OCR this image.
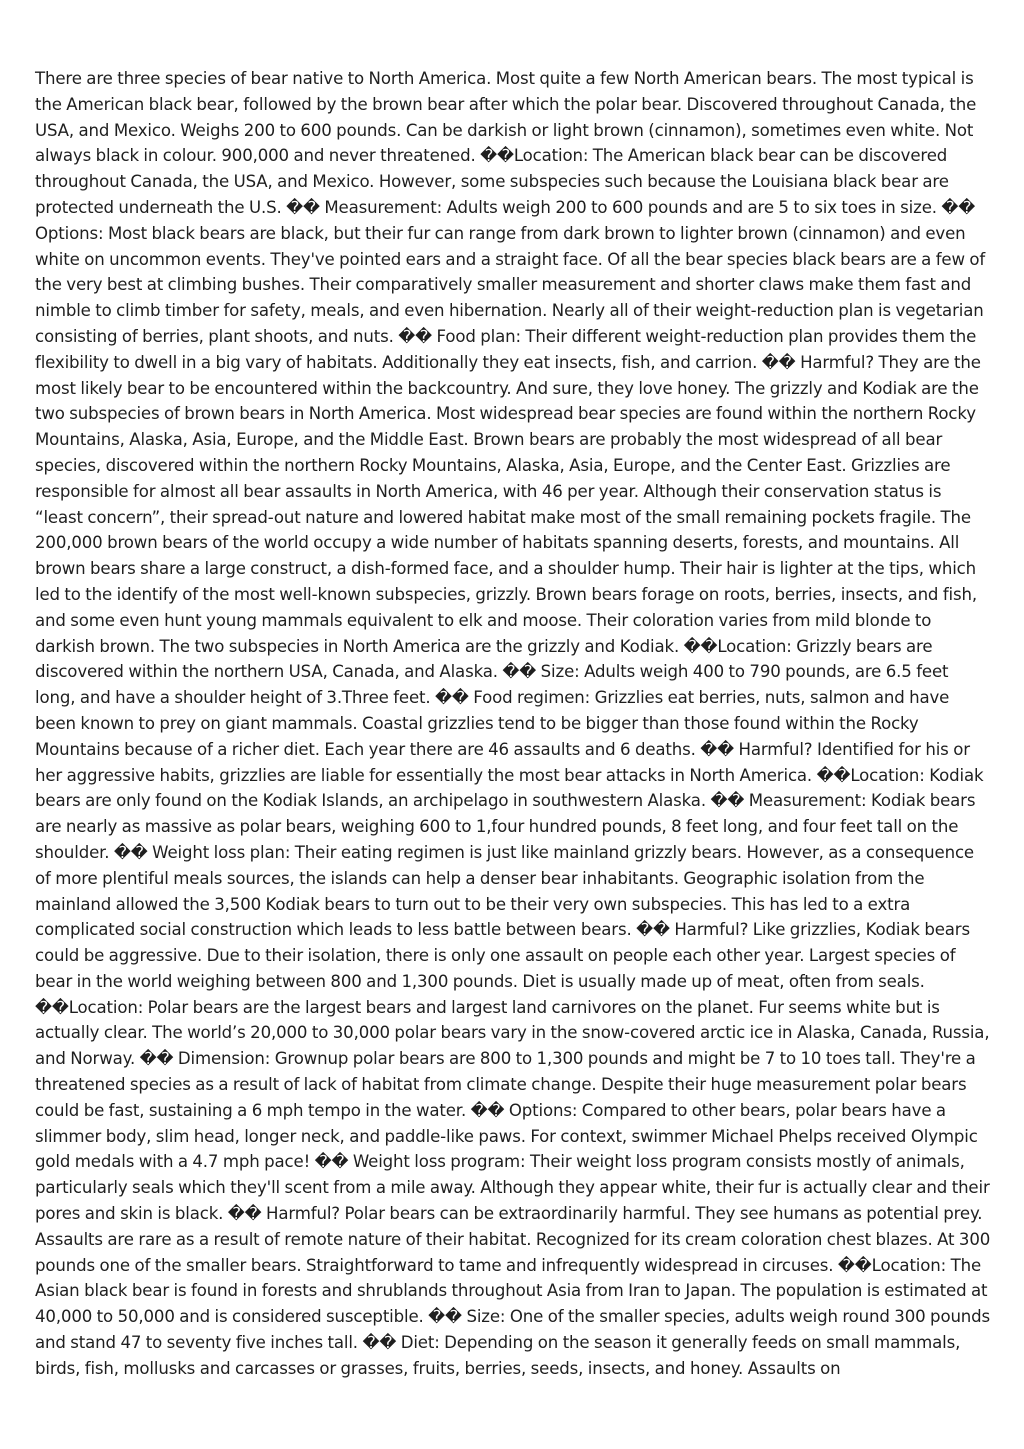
There are three species of bear native to North America. Most quite a few North American bears. The most typical is the American black bear, followed by the brown bear after which the polar bear. Discovered throughout Canada, the USA, and Mexico. Weighs 200 to 600 pounds. Can be darkish or light brown (cinnamon), sometimes even white. Not always black in colour. 900,000 and never threatened. ��Location: The American black bear can be discovered throughout Canada, the USA, and Mexico. However, some subspecies such because the Louisiana black bear are protected underneath the U.S. �� Measurement: Adults weigh 200 to 600 pounds and are 5 to six toes in size. �� Options: Most black bears are black, but their fur can range from dark brown to lighter brown (cinnamon) and even white on uncommon events. They've pointed ears and a straight face. Of all the bear species black bears are a few of the very best at climbing bushes. Their comparatively smaller measurement and shorter claws make them fast and nimble to climb timber for safety, meals, and even hibernation. Nearly all of their weight-reduction plan is vegetarian consisting of berries, plant shoots, and nuts. �� Food plan: Their different weight-reduction plan provides them the flexibility to dwell in a big vary of habitats. Additionally they eat insects, fish, and carrion. �� Harmful? They are the most likely bear to be encountered within the backcountry. And sure, they love honey. The grizzly and Kodiak are the two subspecies of brown bears in North America. Most widespread bear species are found within the northern Rocky Mountains, Alaska, Asia, Europe, and the Middle East. Brown bears are probably the most widespread of all bear species, discovered within the northern Rocky Mountains, Alaska, Asia, Europe, and the Center East. Grizzlies are responsible for almost all bear assaults in North America, with 46 per year. Although their conservation status is “least concern”, their spread-out nature and lowered habitat make most of the small remaining pockets fragile. The 200,000 brown bears of the world occupy a wide number of habitats spanning deserts, forests, and mountains. All brown bears share a large construct, a dish-formed face, and a shoulder hump. Their hair is lighter at the tips, which led to the identify of the most well-known subspecies, grizzly. Brown bears forage on roots, berries, insects, and fish, and some even hunt young mammals equivalent to elk and moose. Their coloration varies from mild blonde to darkish brown. The two subspecies in North America are the grizzly and Kodiak. ��Location: Grizzly bears are discovered within the northern USA, Canada, and Alaska. �� Size: Adults weigh 400 to 790 pounds, are 6.5 feet long, and have a shoulder height of 3.Three feet. �� Food regimen: Grizzlies eat berries, nuts, salmon and have been known to prey on giant mammals. Coastal grizzlies tend to be bigger than those found within the Rocky Mountains because of a richer diet. Each year there are 46 assaults and 6 deaths. �� Harmful? Identified for his or her aggressive habits, grizzlies are liable for essentially the most bear attacks in North America. ��Location: Kodiak bears are only found on the Kodiak Islands, an archipelago in southwestern Alaska. �� Measurement: Kodiak bears are nearly as massive as polar bears, weighing 600 to 1,four hundred pounds, 8 feet long, and four feet tall on the shoulder. �� Weight loss plan: Their eating regimen is just like mainland grizzly bears. However, as a consequence of more plentiful meals sources, the islands can help a denser bear inhabitants. Geographic isolation from the mainland allowed the 3,500 Kodiak bears to turn out to be their very own subspecies. This has led to a extra complicated social construction which leads to less battle between bears. �� Harmful? Like grizzlies, Kodiak bears could be aggressive. Due to their isolation, there is only one assault on people each other year. Largest species of bear in the world weighing between 800 and 1,300 pounds. Diet is usually made up of meat, often from seals. ��Location: Polar bears are the largest bears and largest land carnivores on the planet. Fur seems white but is actually clear. The world’s 20,000 to 30,000 polar bears vary in the snow-covered arctic ice in Alaska, Canada, Russia, and Norway. �� Dimension: Grownup polar bears are 800 to 1,300 pounds and might be 7 to 10 toes tall. They're a threatened species as a result of lack of habitat from climate change. Despite their huge measurement polar bears could be fast, sustaining a 6 mph tempo in the water. �� Options: Compared to other bears, polar bears have a slimmer body, slim head, longer neck, and paddle-like paws. For context, swimmer Michael Phelps received Olympic gold medals with a 4.7 mph pace! �� Weight loss program: Their weight loss program consists mostly of animals, particularly seals which they'll scent from a mile away. Although they appear white, their fur is actually clear and their pores and skin is black. �� Harmful? Polar bears can be extraordinarily harmful. They see humans as potential prey. Assaults are rare as a result of remote nature of their habitat. Recognized for its cream coloration chest blazes. At 300 pounds one of the smaller bears. Straightforward to tame and infrequently widespread in circuses. ��Location: The Asian black bear is found in forests and shrublands throughout Asia from Iran to Japan. The population is estimated at 40,000 to 50,000 and is considered susceptible. �� Size: One of the smaller species, adults weigh round 300 pounds and stand 47 to seventy five inches tall. �� Diet: Depending on the season it generally feeds on small mammals, birds, fish, mollusks and carcasses or grasses, fruits, berries, seeds, insects, and honey. Assaults on
